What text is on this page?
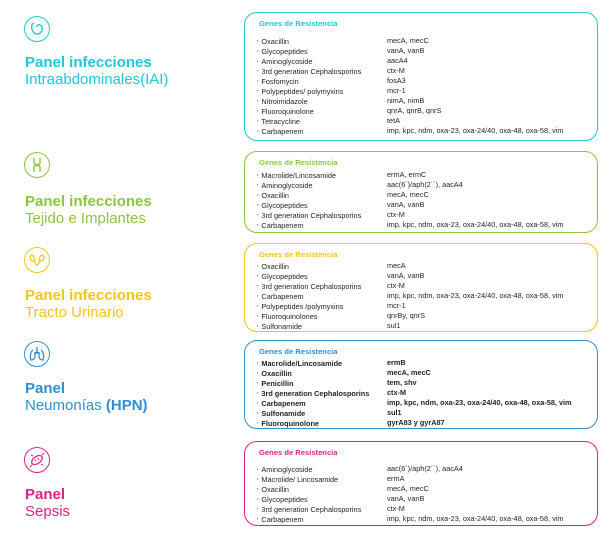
Panel infecciones
Intraabdominales(IAI)
Genes de Resistencia
▪ Oxacillin	mecA, mecC
▪ Glycopeptides	vanA, vanB
▪ Aminoglycoside	aacA4
▪ 3rd generation Cephalosporins	ctx-M
▪ Fosfomycin	fosA3
▪ Polypeptides/ polymyxins	mcr-1
▪ Nitroimidazole	nimA, nimB
▪ Fluoroquinolone	qnrA, qnrB, qnrS
▪ Tetracycline	tetA
▪ Carbapenem	imp, kpc, ndm, oxa-23, oxa-24/40, oxa-48, oxa-58, vim
Panel infecciones
Tejido e Implantes
Genes de Resistencia
▪ Macrolide/Lincosamide	ermA, ermC
▪ Aminoglycoside	aac(6´)/aph(2´´), aacA4
▪ Oxacillin	mecA, mecC
▪ Glycopeptides	vanA, vanB
▪ 3rd generation Cephalosporins	ctx-M
▪ Carbapenem	imp, kpc, ndm, oxa-23, oxa-24/40, oxa-48, oxa-58, vim
Panel infecciones
Tracto Urinario
Genes de Resistencia
▪ Oxacillin	mecA
▪ Glycopeptides	vanA, vanB
▪ 3rd generation Cephalosporins	ctx-M
▪ Carbapenem	imp, kpc, ndm, oxa-23, oxa-24/40, oxa-48, oxa-58, vim
▪ Polypeptides /polymyxins	mcr-1
▪ Fluoroquinolones	qnrBy, qnrS
▪ Sulfonamide	sul1
Panel
Neumonías (HPN)
Genes de Resistencia
▪ Macrolide/Lincosamide	ermB
▪ Oxacillin	mecA, mecC
▪ Penicillin	tem, shv
▪ 3rd generation Cephalosporins ctx-M
▪ Carbapenem	imp, kpc, ndm, oxa-23, oxa-24/40, oxa-48, oxa-58, vim
▪ Sulfonamide	sul1
▪ Fluoroquinolone	gyrA83 y gyrA87
Panel
Sepsis
Genes de Resistencia
▪ Aminoglycoside	aac(6´)/aph(2´´), aacA4
▪ Macrolide/ Lincosamide	ermA
▪ Oxacillin	mecA, mecC
▪ Glycopeptides	vanA, vanB
▪ 3rd generation Cephalosporins	ctx-M
▪ Carbapenem	imp, kpc, ndm, oxa-23, oxa-24/40, oxa-48, oxa-58, vim
